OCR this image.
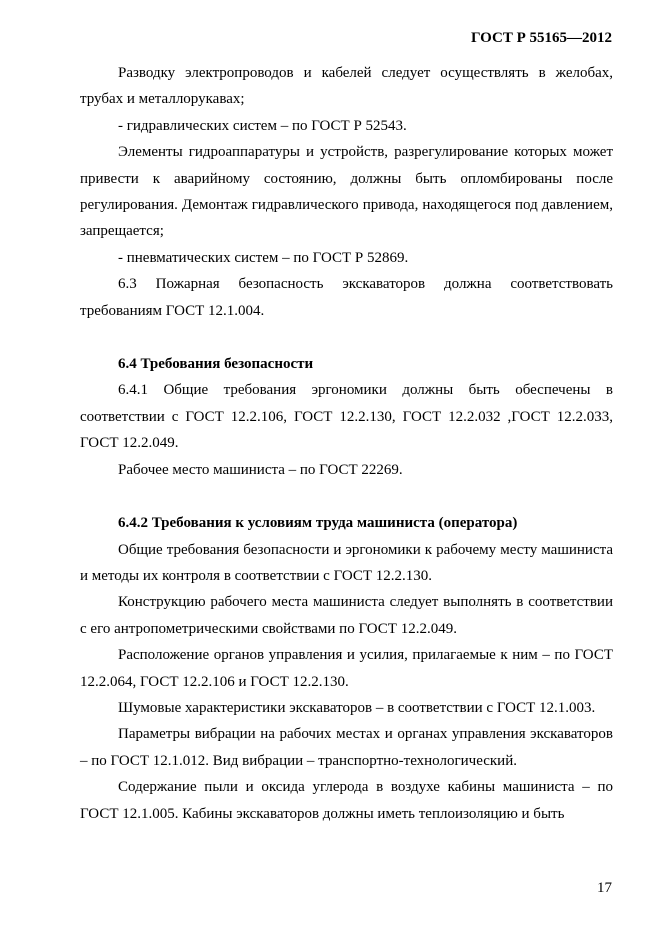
ГОСТ Р 55165—2012

Разводку электропроводов и кабелей следует осуществлять в желобах, трубах и металлорукавах;

- гидравлических систем – по ГОСТ Р 52543.

Элементы гидроаппаратуры и устройств, разрегулирование которых может привести к аварийному состоянию, должны быть опломбированы после регулирования. Демонтаж гидравлического привода, находящегося под давлением, запрещается;

- пневматических систем – по ГОСТ Р 52869.

6.3 Пожарная безопасность экскаваторов должна соответствовать требованиям ГОСТ 12.1.004.

6.4 Требования безопасности

6.4.1 Общие требования эргономики должны быть обеспечены в соответствии с ГОСТ 12.2.106, ГОСТ 12.2.130, ГОСТ 12.2.032 ,ГОСТ 12.2.033, ГОСТ 12.2.049.

Рабочее место машиниста – по ГОСТ 22269.

6.4.2 Требования к условиям труда машиниста (оператора)

Общие требования безопасности и эргономики к рабочему месту машиниста и методы их контроля в соответствии с ГОСТ 12.2.130.

Конструкцию рабочего места машиниста следует выполнять в соответствии с его антропометрическими свойствами по ГОСТ 12.2.049.

Расположение органов управления и усилия, прилагаемые к ним – по ГОСТ 12.2.064, ГОСТ 12.2.106 и ГОСТ 12.2.130.

Шумовые характеристики экскаваторов – в соответствии с ГОСТ 12.1.003.

Параметры вибрации на рабочих местах и органах управления экскаваторов – по ГОСТ 12.1.012. Вид вибрации – транспортно-технологический.

Содержание пыли и оксида углерода в воздухе кабины машиниста – по ГОСТ 12.1.005. Кабины экскаваторов должны иметь теплоизоляцию и быть

17
